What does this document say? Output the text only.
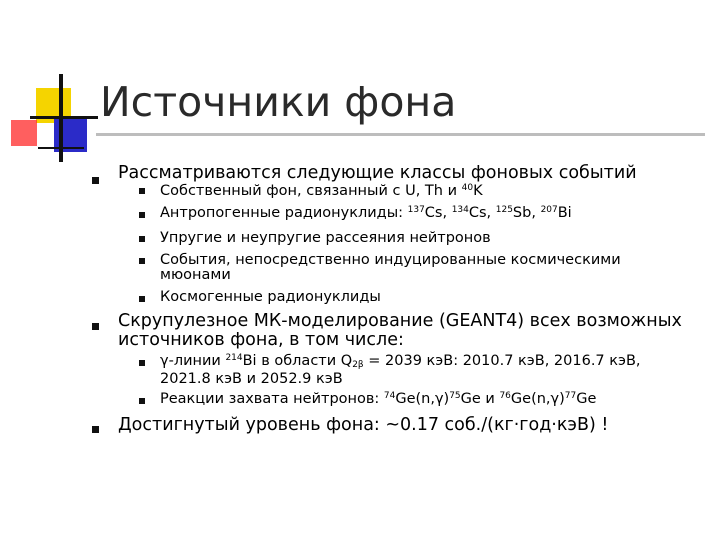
Источники фона
Рассматриваются следующие классы фоновых событий
Собственный фон, связанный с U, Th и $^{40}$K
Антропогенные радионуклиды: $^{137}$Cs, $^{134}$Cs, $^{125}$Sb, $^{207}$Bi
Упругие и неупругие рассеяния нейтронов
События, непосредственно индуцированные космическими
мюонами
Космогенные радионуклиды
Скрупулезное МК-моделирование (GEANT4) всех возможных
источников фона, в том числе:
γ-линии $^{214}$Bi в области $Q_{2\beta} = 2039$ кэВ: 2010.7 кэВ, 2016.7 кэВ,
2021.8 кэВ и 2052.9 кэВ
Реакции захвата нейтронов: $^{74}Ge(n,\gamma)^{75}Ge$ и $^{76}Ge(n,\gamma)^{77}Ge$
Достигнутый уровень фона: ~0.17 соб./(кг·год·кэВ) !
